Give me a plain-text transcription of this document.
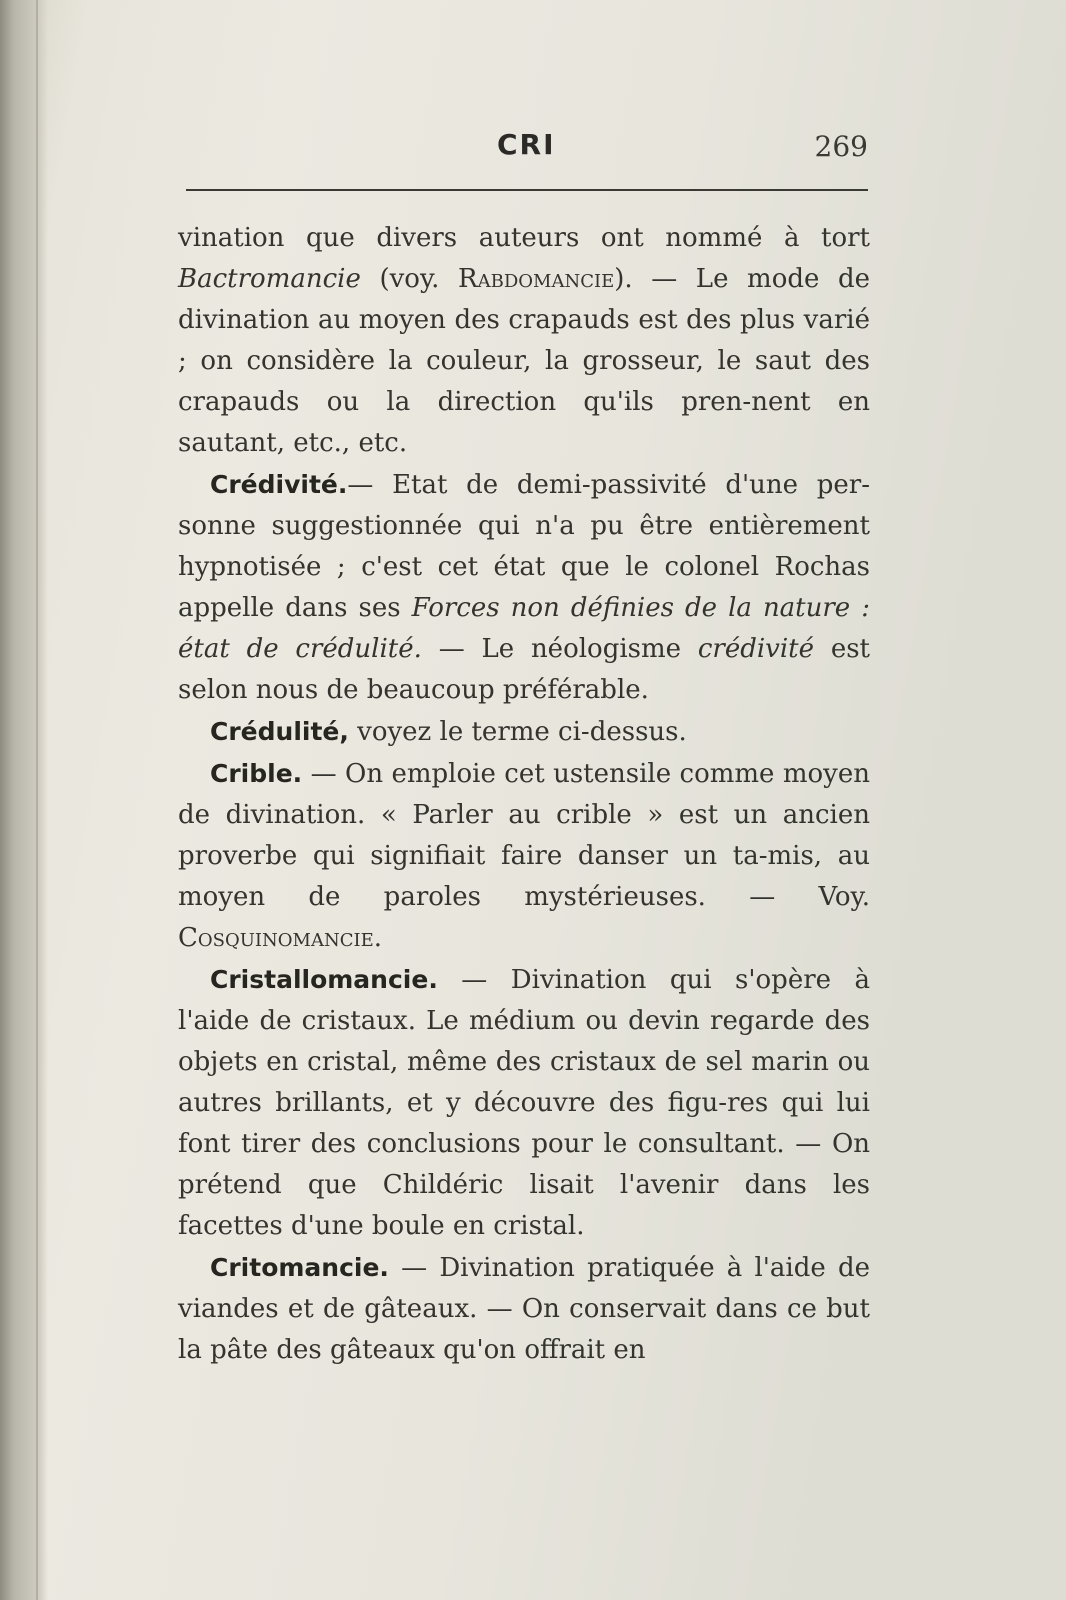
CRI	269

vination que divers auteurs ont nommé à tort Bactromancie (voy. Rabdomancie). — Le mode de divination au moyen des crapauds est des plus varié ; on considère la couleur, la grosseur, le saut des crapauds ou la direction qu'ils pren-nent en sautant, etc., etc.

Crédivité.— Etat de demi-passivité d'une per-sonne suggestionnée qui n'a pu être entièrement hypnotisée ; c'est cet état que le colonel Rochas appelle dans ses Forces non définies de la nature : état de crédulité. — Le néologisme crédivité est selon nous de beaucoup préférable.

Crédulité, voyez le terme ci-dessus.

Crible. — On emploie cet ustensile comme moyen de divination. « Parler au crible » est un ancien proverbe qui signifiait faire danser un ta-mis, au moyen de paroles mystérieuses. — Voy. Cosquinomancie.

Cristallomancie. — Divination qui s'opère à l'aide de cristaux. Le médium ou devin regarde des objets en cristal, même des cristaux de sel marin ou autres brillants, et y découvre des figu-res qui lui font tirer des conclusions pour le consultant. — On prétend que Childéric lisait l'avenir dans les facettes d'une boule en cristal.

Critomancie. — Divination pratiquée à l'aide de viandes et de gâteaux. — On conservait dans ce but la pâte des gâteaux qu'on offrait en
